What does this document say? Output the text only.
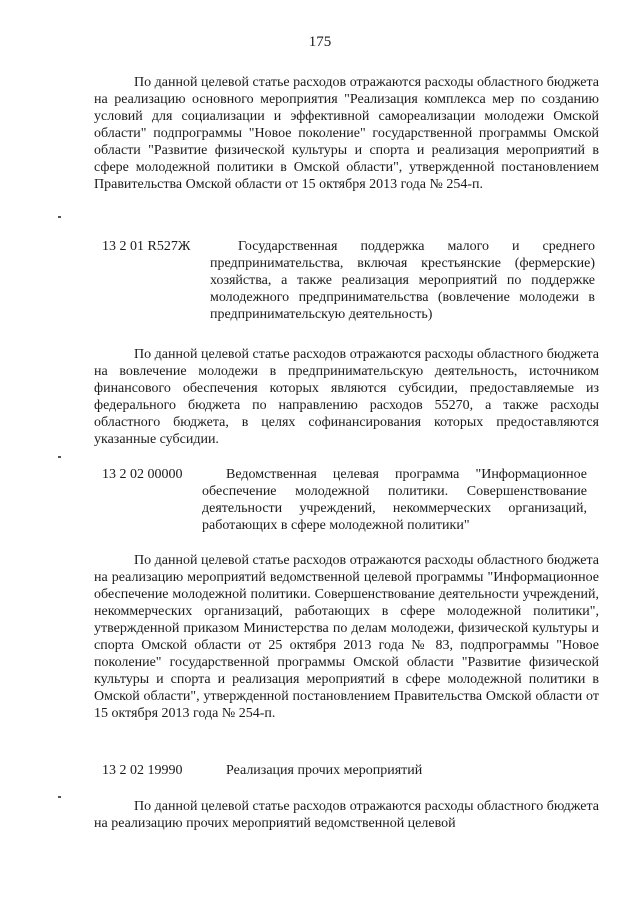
175
По данной целевой статье расходов отражаются расходы областного бюджета на реализацию основного мероприятия "Реализация комплекса мер по созданию условий для социализации и эффективной самореализации молодежи Омской области" подпрограммы "Новое поколение" государственной программы Омской области "Развитие физической культуры и спорта и реализация мероприятий в сфере молодежной политики в Омской области", утвержденной постановлением Правительства Омской области от 15 октября 2013 года № 254-п.
13 2 01 R527Ж	Государственная поддержка малого и среднего предпринимательства, включая крестьянские (фермерские) хозяйства, а также реализация мероприятий по поддержке молодежного предпринимательства (вовлечение молодежи в предпринимательскую деятельность)
По данной целевой статье расходов отражаются расходы областного бюджета на вовлечение молодежи в предпринимательскую деятельность, источником финансового обеспечения которых являются субсидии, предоставляемые из федерального бюджета по направлению расходов 55270, а также расходы областного бюджета, в целях софинансирования которых предоставляются указанные субсидии.
13 2 02 00000	Ведомственная целевая программа "Информационное обеспечение молодежной политики. Совершенствование деятельности учреждений, некоммерческих организаций, работающих в сфере молодежной политики"
По данной целевой статье расходов отражаются расходы областного бюджета на реализацию мероприятий ведомственной целевой программы "Информационное обеспечение молодежной политики. Совершенствование деятельности учреждений, некоммерческих организаций, работающих в сфере молодежной политики", утвержденной приказом Министерства по делам молодежи, физической культуры и спорта Омской области от 25 октября 2013 года № 83, подпрограммы "Новое поколение" государственной программы Омской области "Развитие физической культуры и спорта и реализация мероприятий в сфере молодежной политики в Омской области", утвержденной постановлением Правительства Омской области от 15 октября 2013 года № 254-п.
13 2 02 19990	Реализация прочих мероприятий
По данной целевой статье расходов отражаются расходы областного бюджета на реализацию прочих мероприятий ведомственной целевой
